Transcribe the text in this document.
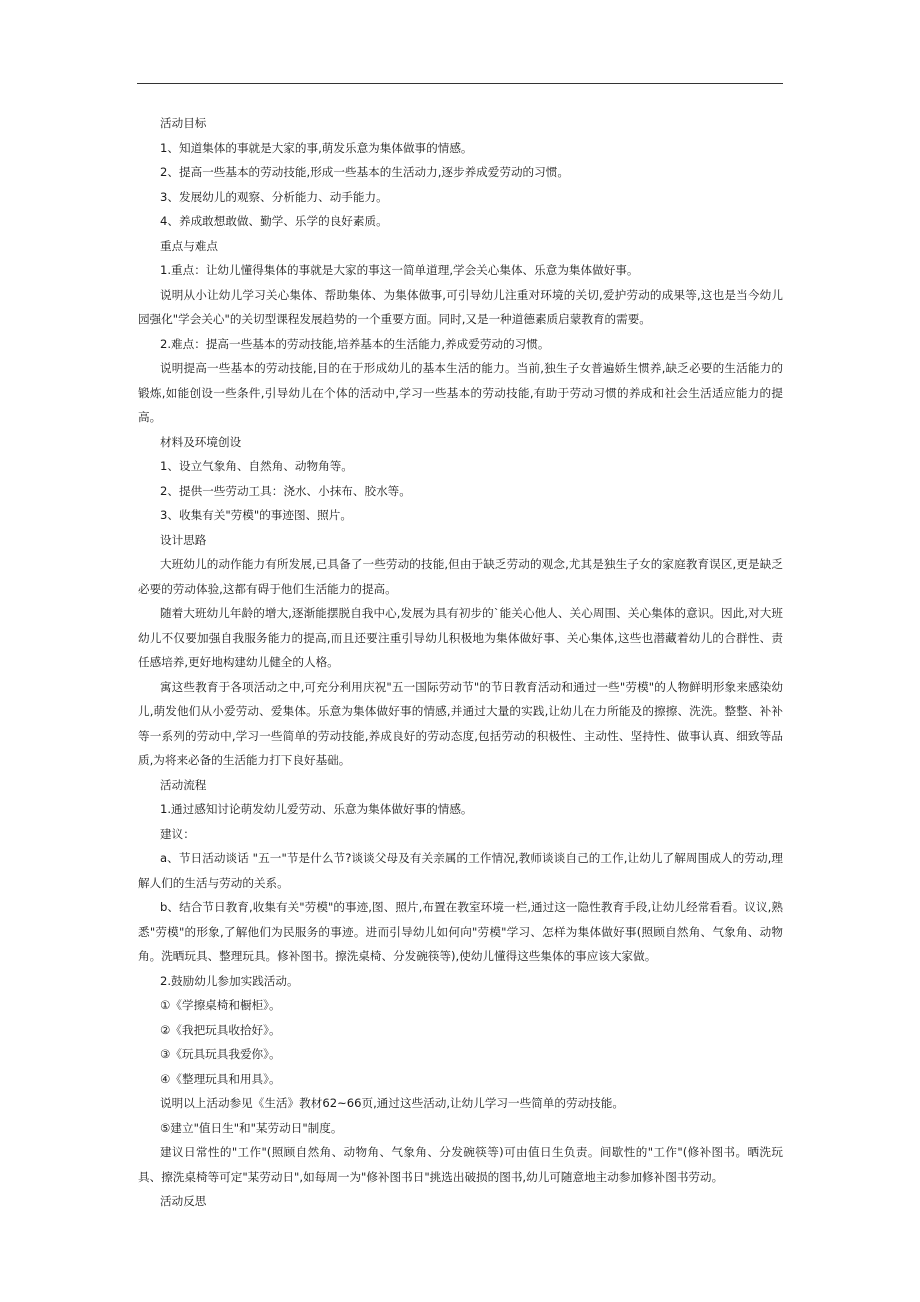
活动目标
1、知道集体的事就是大家的事,萌发乐意为集体做事的情感。
2、提高一些基本的劳动技能,形成一些基本的生活动力,逐步养成爱劳动的习惯。
3、发展幼儿的观察、分析能力、动手能力。
4、养成敢想敢做、勤学、乐学的良好素质。
重点与难点
1.重点：让幼儿懂得集体的事就是大家的事这一简单道理,学会关心集体、乐意为集体做好事。
说明从小让幼儿学习关心集体、帮助集体、为集体做事,可引导幼儿注重对环境的关切,爱护劳动的成果等,这也是当今幼儿园强化"学会关心"的关切型课程发展趋势的一个重要方面。同时,又是一种道德素质启蒙教育的需要。
2.难点：提高一些基本的劳动技能,培养基本的生活能力,养成爱劳动的习惯。
说明提高一些基本的劳动技能,目的在于形成幼儿的基本生活的能力。当前,独生子女普遍娇生惯养,缺乏必要的生活能力的锻炼,如能创设一些条件,引导幼儿在个体的活动中,学习一些基本的劳动技能,有助于劳动习惯的养成和社会生活适应能力的提高。
材料及环境创设
1、设立气象角、自然角、动物角等。
2、提供一些劳动工具：浇水、小抹布、胶水等。
3、收集有关"劳模"的事迹图、照片。
设计思路
大班幼儿的动作能力有所发展,已具备了一些劳动的技能,但由于缺乏劳动的观念,尤其是独生子女的家庭教育误区,更是缺乏必要的劳动体验,这都有碍于他们生活能力的提高。
随着大班幼儿年龄的增大,逐渐能摆脱自我中心,发展为具有初步的`能关心他人、关心周围、关心集体的意识。因此,对大班幼儿不仅要加强自我服务能力的提高,而且还要注重引导幼儿积极地为集体做好事、关心集体,这些也潜藏着幼儿的合群性、责任感培养,更好地构建幼儿健全的人格。
寓这些教育于各项活动之中,可充分利用庆祝"五一国际劳动节"的节日教育活动和通过一些"劳模"的人物鲜明形象来感染幼儿,萌发他们从小爱劳动、爱集体。乐意为集体做好事的情感,并通过大量的实践,让幼儿在力所能及的擦擦、洗洗。整整、补补等一系列的劳动中,学习一些简单的劳动技能,养成良好的劳动态度,包括劳动的积极性、主动性、坚持性、做事认真、细致等品质,为将来必备的生活能力打下良好基础。
活动流程
1.通过感知讨论萌发幼儿爱劳动、乐意为集体做好事的情感。
建议：
a、节日活动谈话 "五一"节是什么节?谈谈父母及有关亲属的工作情况,教师谈谈自己的工作,让幼儿了解周围成人的劳动,理解人们的生活与劳动的关系。
b、结合节日教育,收集有关"劳模"的事迹,图、照片,布置在教室环境一栏,通过这一隐性教育手段,让幼儿经常看看。议议,熟悉"劳模"的形象,了解他们为民服务的事迹。进而引导幼儿如何向"劳模"学习、怎样为集体做好事(照顾自然角、气象角、动物角。洗晒玩具、整理玩具。修补图书。擦洗桌椅、分发碗筷等),使幼儿懂得这些集体的事应该大家做。
2.鼓励幼儿参加实践活动。
①《学擦桌椅和橱柜》。
②《我把玩具收拾好》。
③《玩具玩具我爱你》。
④《整理玩具和用具》。
说明以上活动参见《生活》教材62~66页,通过这些活动,让幼儿学习一些简单的劳动技能。
⑤建立"值日生"和"某劳动日"制度。
建议日常性的"工作"(照顾自然角、动物角、气象角、分发碗筷等)可由值日生负责。间歇性的"工作"(修补图书。晒洗玩具、擦洗桌椅等可定"某劳动日",如每周一为"修补图书日"挑选出破损的图书,幼儿可随意地主动参加修补图书劳动。
活动反思
